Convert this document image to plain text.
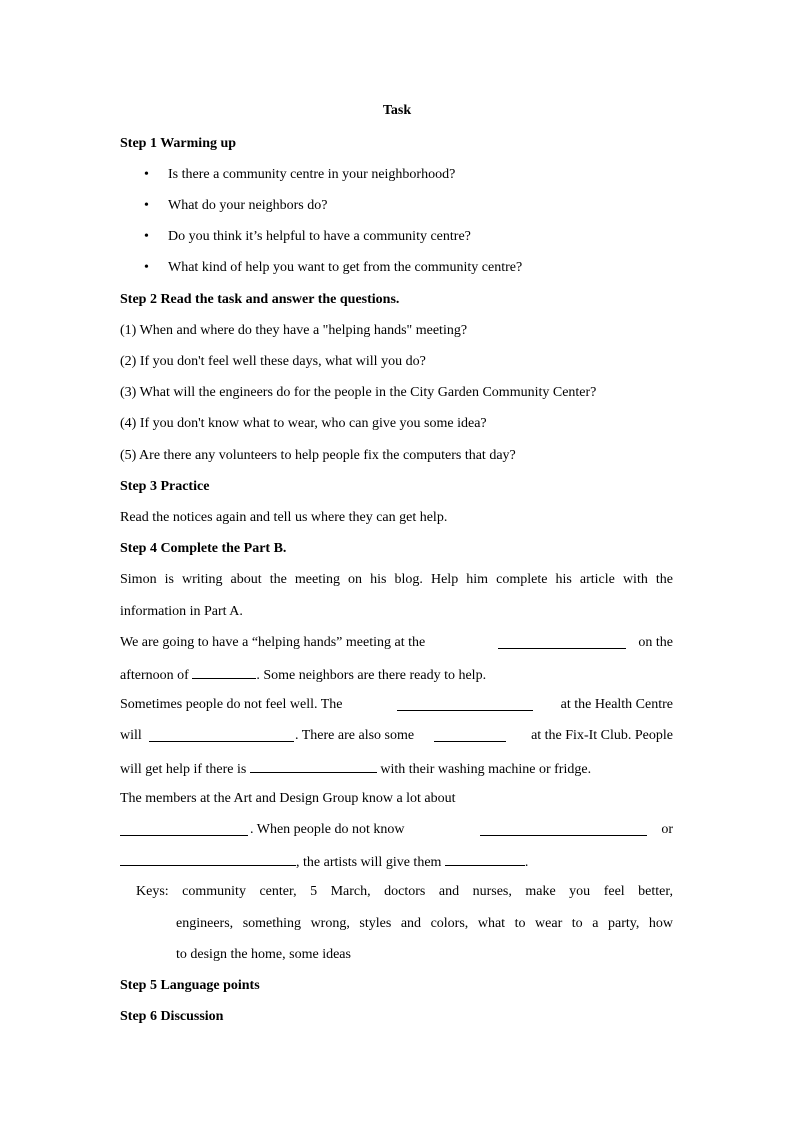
Task
Step 1 Warming up
• Is there a community centre in your neighborhood?
• What do your neighbors do?
• Do you think it’s helpful to have a community centre?
• What kind of help you want to get from the community centre?
Step 2 Read the task and answer the questions.
(1) When and where do they have a "helping hands" meeting?
(2) If you don't feel well these days, what will you do?
(3) What will the engineers do for the people in the City Garden Community Center?
(4) If you don't know what to wear, who can give you some idea?
(5) Are there any volunteers to help people fix the computers that day?
Step 3 Practice
Read the notices again and tell us where they can get help.
Step 4 Complete the Part B.
Simon is writing about the meeting on his blog. Help him complete his article with the
information in Part A.
We are going to have a “helping hands” meeting at the	on the
afternoon of	. Some neighbors are there ready to help.
Sometimes people do not feel well. The	at the Health Centre
will	. There are also some	at the Fix-It Club. People
will get help if there is	with their washing machine or fridge.
The members at the Art and Design Group know a lot about
. When people do not know	or
, the artists will give them	.
Keys: community center, 5 March, doctors and nurses, make you feel better,
engineers, something wrong, styles and colors, what to wear to a party, how
to design the home, some ideas
Step 5 Language points
Step 6 Discussion
